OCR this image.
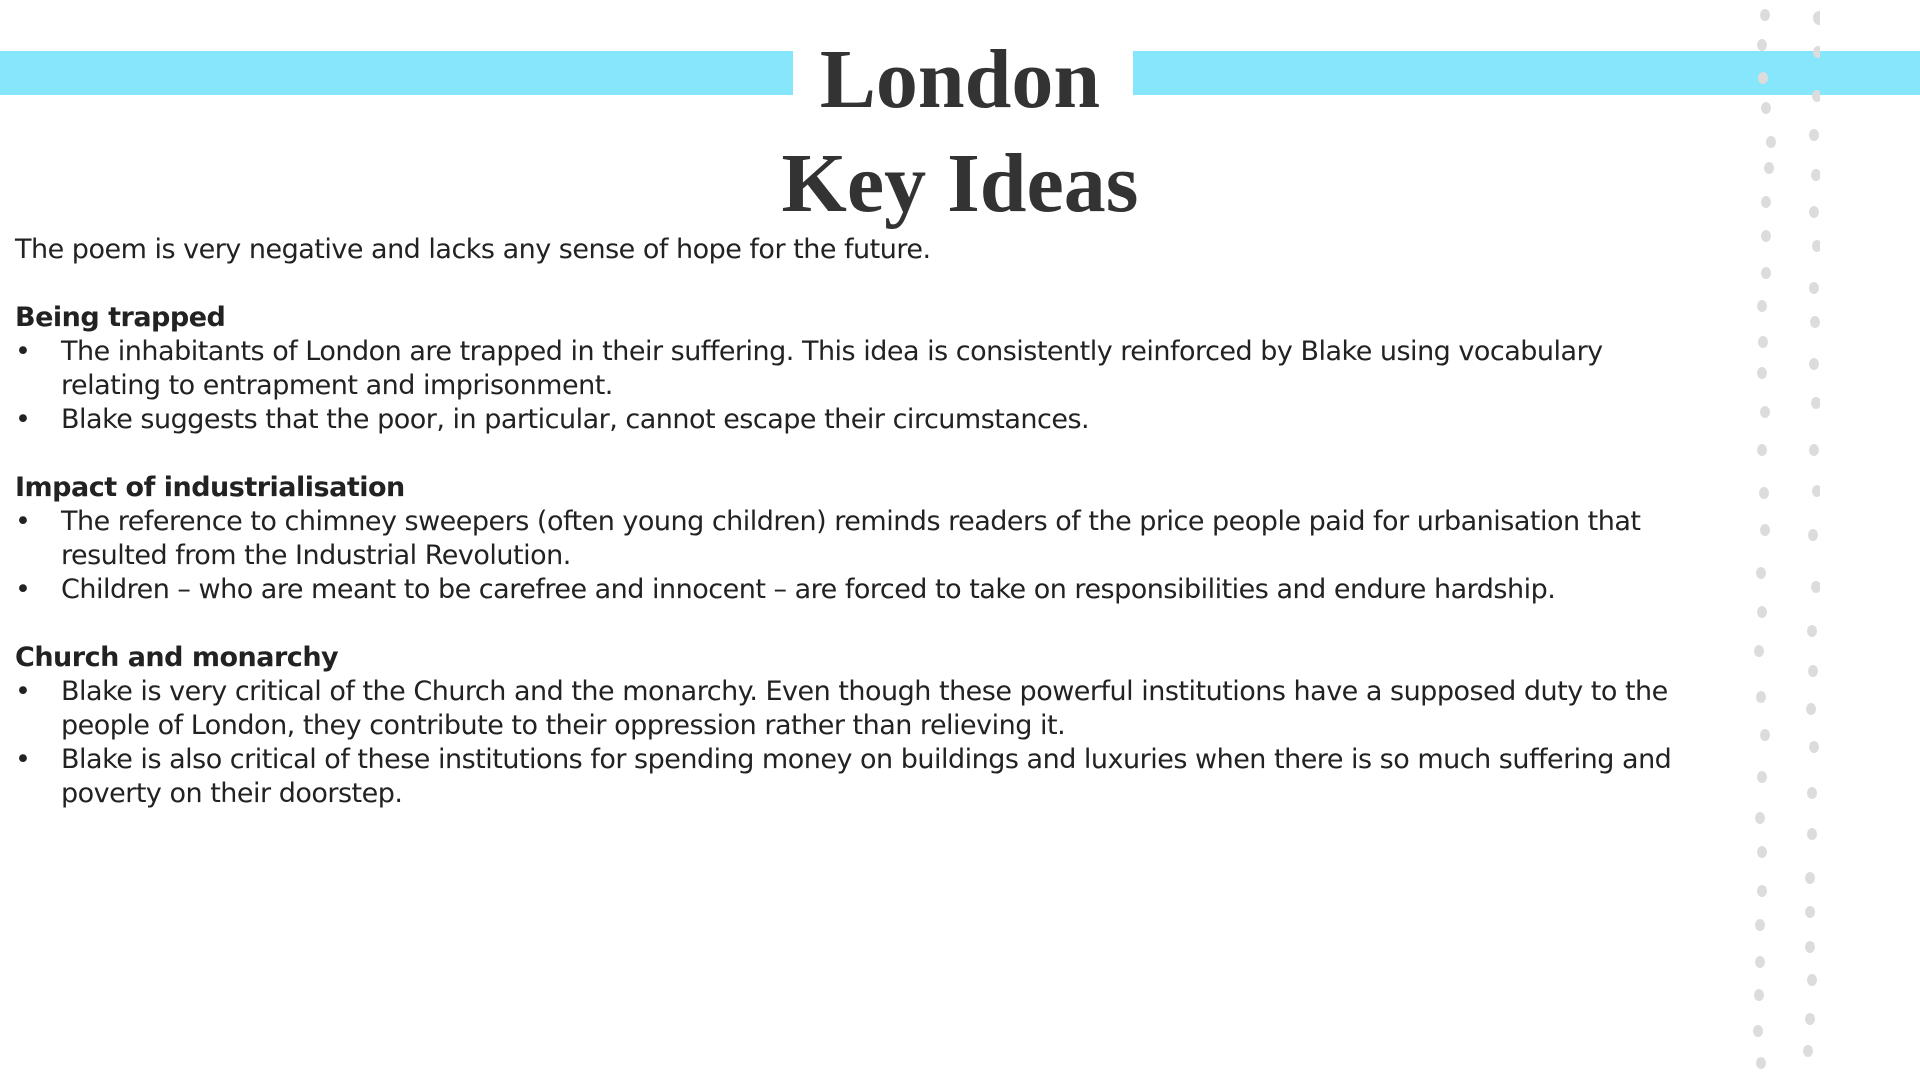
London
Key Ideas

The poem is very negative and lacks any sense of hope for the future.

Being trapped

• The inhabitants of London are trapped in their suffering. This idea is consistently reinforced by Blake using vocabulary relating to entrapment and imprisonment.
• Blake suggests that the poor, in particular, cannot escape their circumstances.

Impact of industrialisation

• The reference to chimney sweepers (often young children) reminds readers of the price people paid for urbanisation that resulted from the Industrial Revolution.
• Children – who are meant to be carefree and innocent – are forced to take on responsibilities and endure hardship.

Church and monarchy

• Blake is very critical of the Church and the monarchy. Even though these powerful institutions have a supposed duty to the people of London, they contribute to their oppression rather than relieving it.
• Blake is also critical of these institutions for spending money on buildings and luxuries when there is so much suffering and poverty on their doorstep.
